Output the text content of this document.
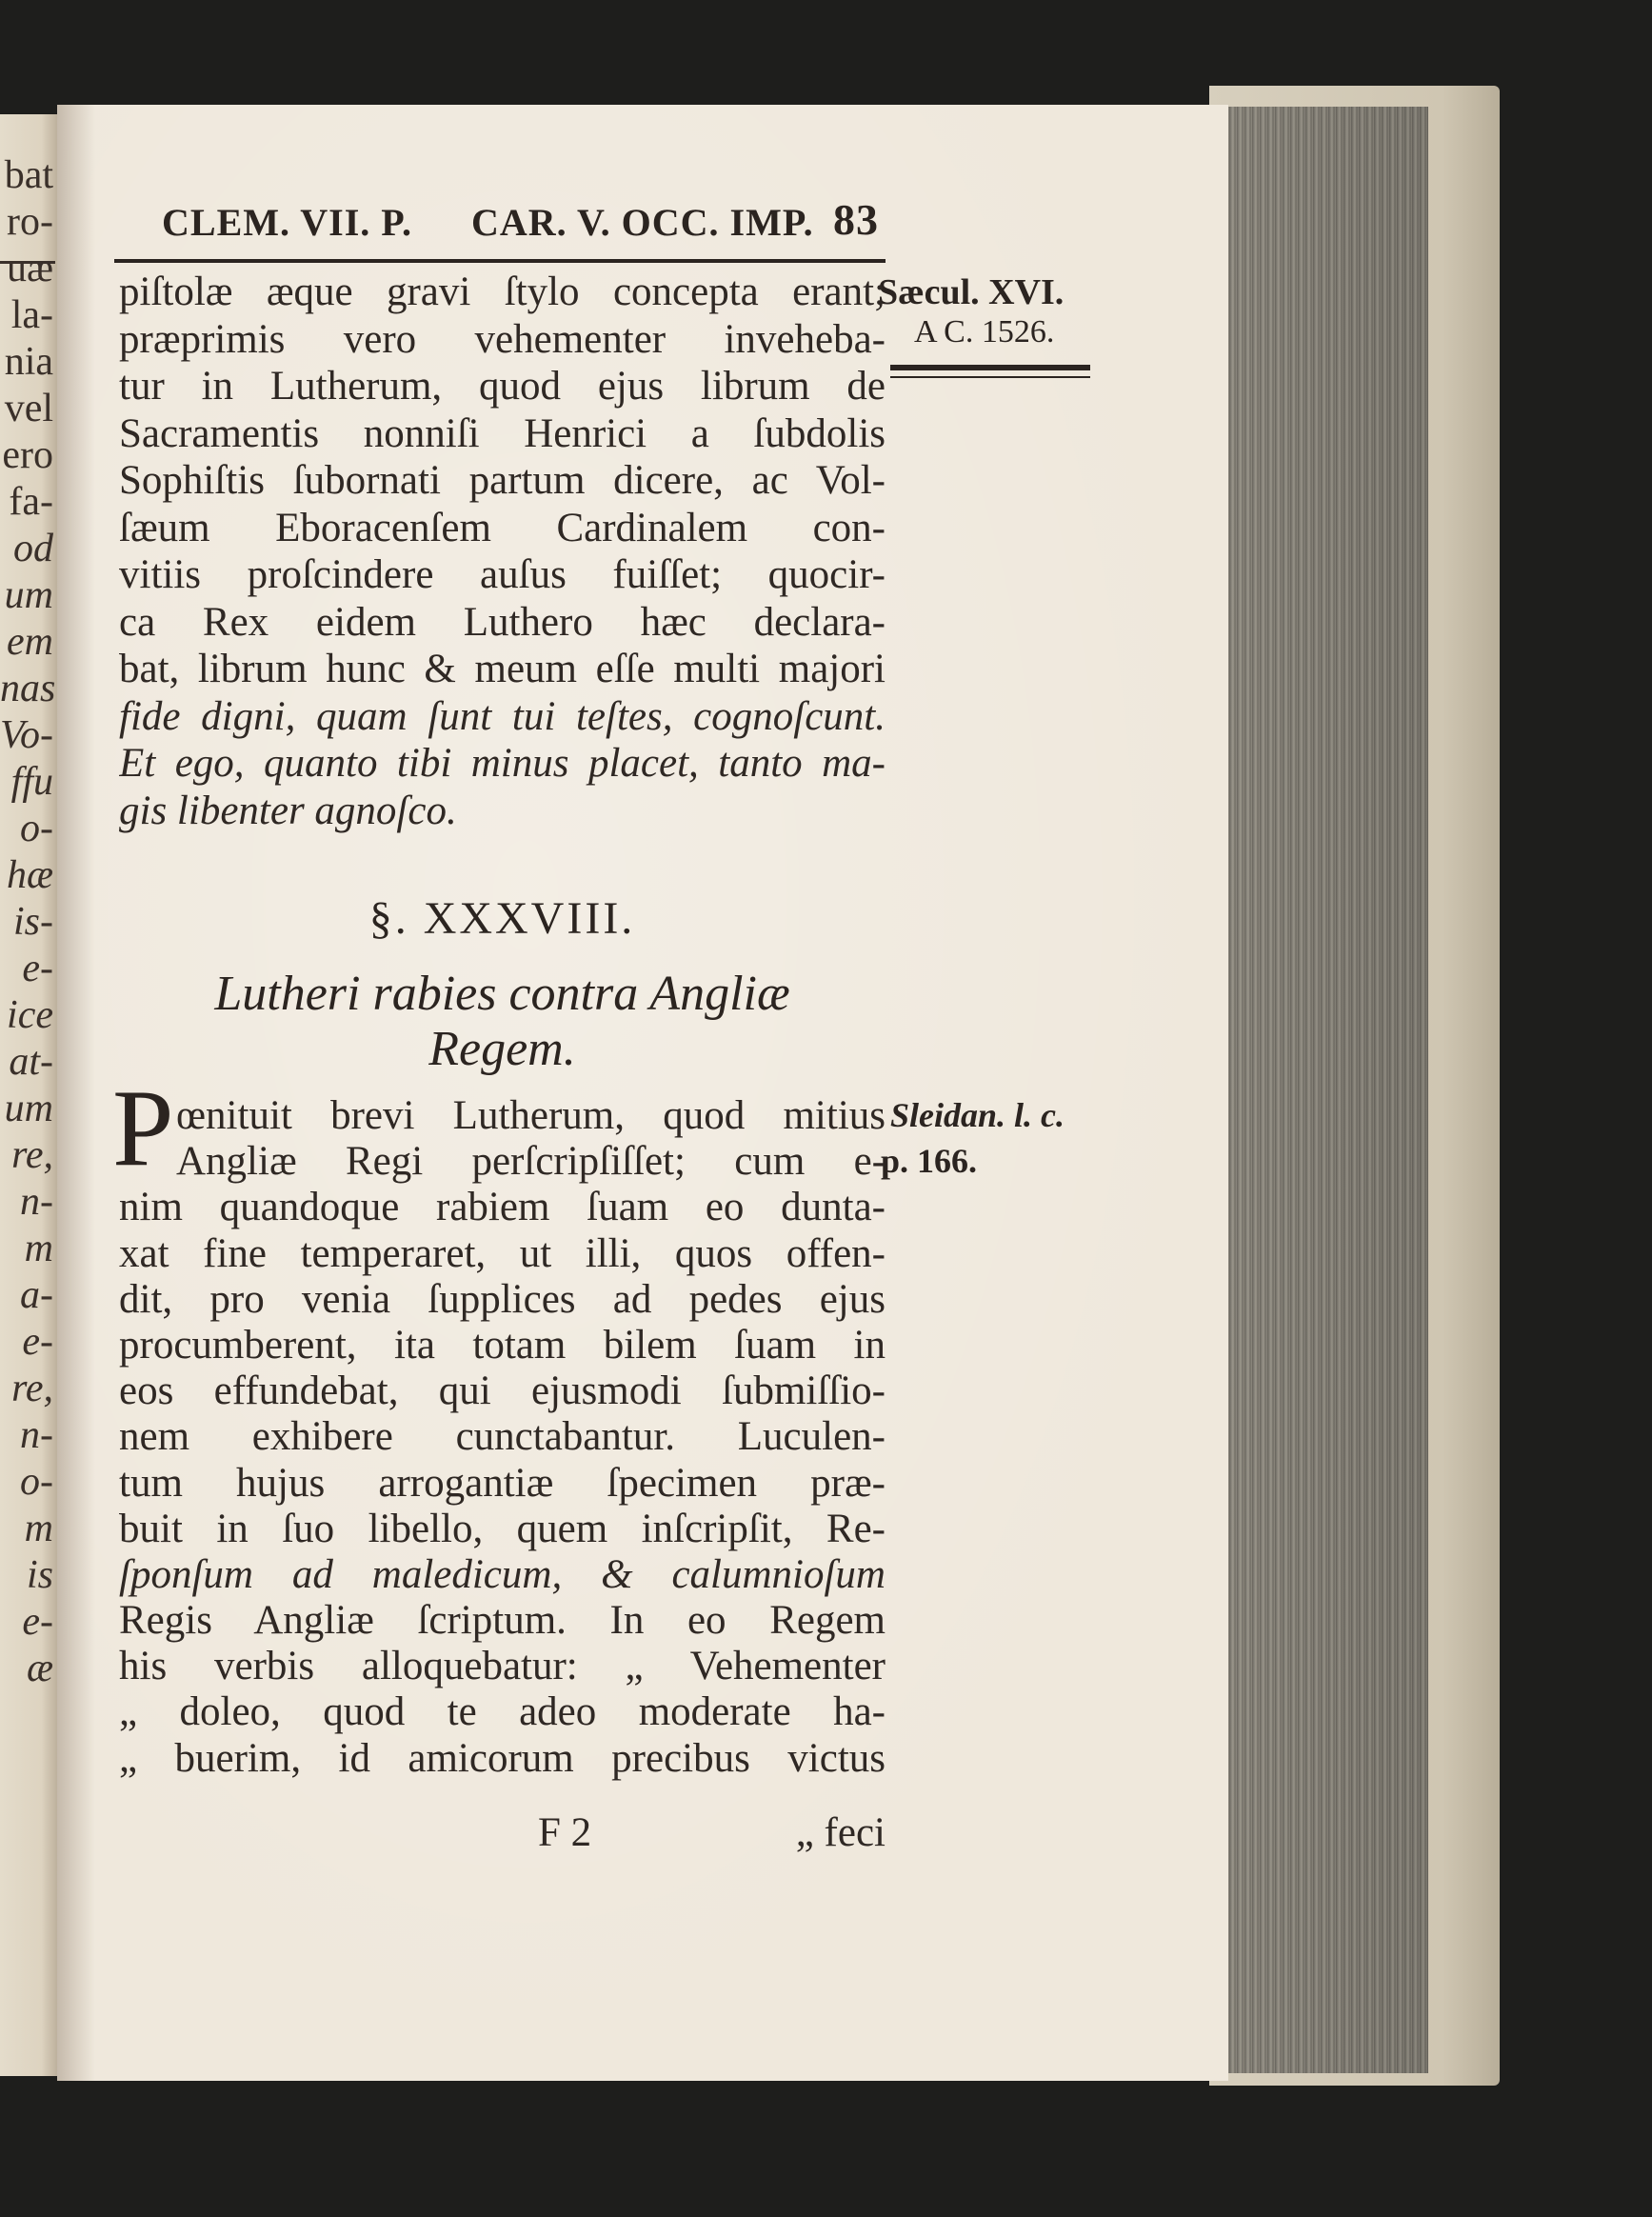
bat
ro-
uæ
la-
nia
vel
ero
fa-
od
um
em
nas
Vo-
ffu
o-
hæ
is-
e-
ice
at-
um
re,
n-
m
a-
e-
re,
n-
o-
m
is
e-
æ
CLEM. VII. P. CAR. V. OCC. IMP. 83
Sæcul. XVI.
A C. 1526.
piſtolæ æque gravi ſtylo concepta erant;
præprimis vero vehementer invehebа-
tur in Lutherum, quod ejus librum de
Sacramentis nonniſi Henrici a ſubdolis
Sophiſtis ſubornati partum dicere, ac Vol-
ſæum Eboracenſem Cardinalem con-
vitiis proſcindere auſus fuiſſet; quocir-
ca Rex eidem Luthero hæc declara-
bat, librum hunc & meum eſſe multi majori
fide digni, quam ſunt tui teſtes, cognoſcunt.
Et ego, quanto tibi minus placet, tanto ma-
gis libenter agnoſco.
§. XXXVIII.
Lutheri rabies contra Angliæ
Regem.
P	Sleidan. l. c.
p. 166.
œnituit brevi Lutherum, quod mitius
Angliæ Regi perſcripſiſſet; cum e-
nim quandoque rabiem ſuam eo dunta-
xat fine temperaret, ut illi, quos offen-
dit, pro venia ſupplices ad pedes ejus
procumberent, ita totam bilem ſuam in
eos effundebat, qui ejusmodi ſubmiſſio-
nem exhibere cunctabantur. Luculen-
tum hujus arrogantiæ ſpecimen præ-
buit in ſuo libello, quem inſcripſit, Re-
ſponſum ad maledicum, & calumnioſum
Regis Angliæ ſcriptum. In eo Regem
his verbis alloquebatur: „ Vehementer
„ doleo, quod te adeo moderate ha-
„ buerim, id amicorum precibus victus
F 2	„ feci
